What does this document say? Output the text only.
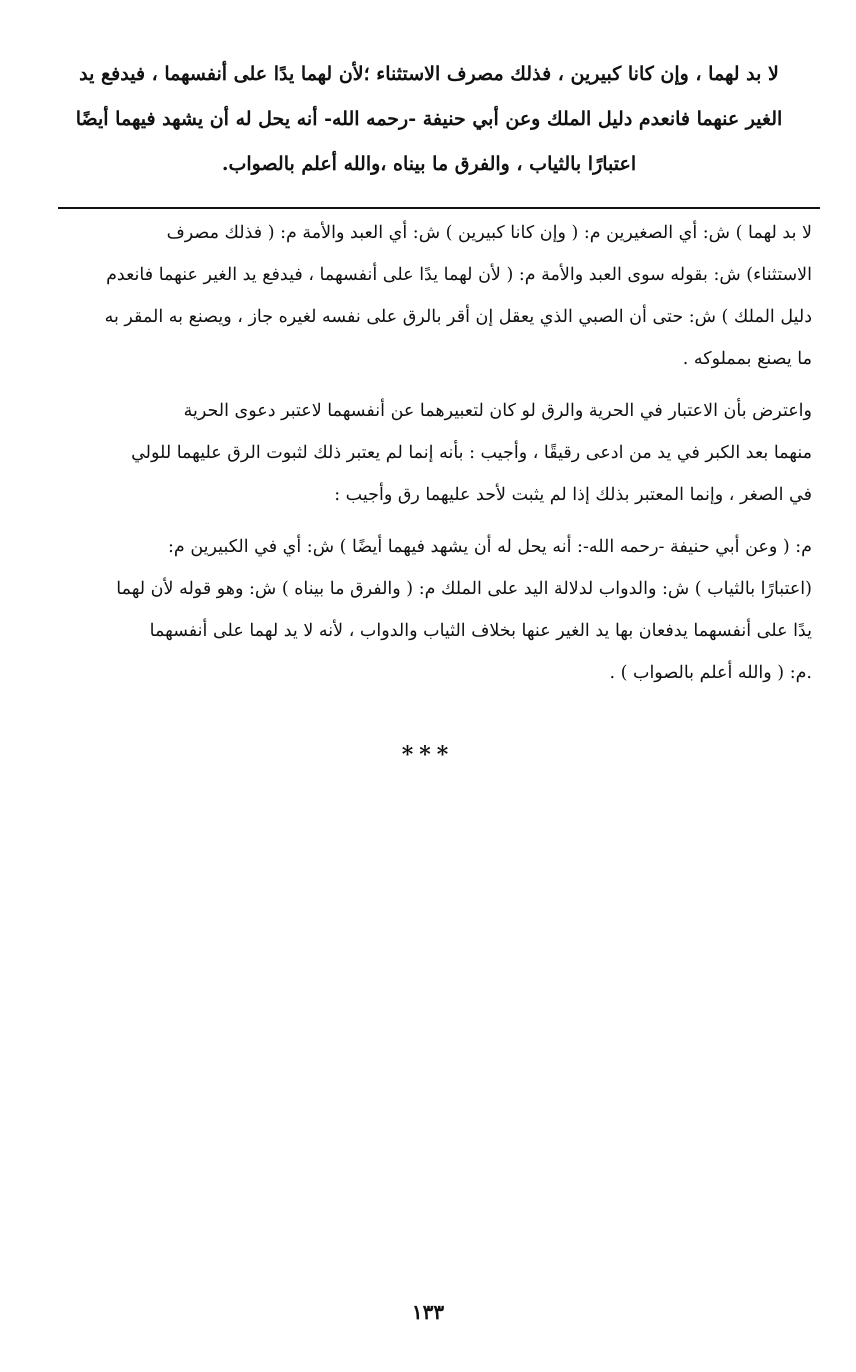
لا بد لهما ، وإن كانا كبيرين ، فذلك مصرف الاستثناء ؛لأن لهما يدًا على أنفسهما ، فيدفع يد
الغير عنهما فانعدم دليل الملك وعن أبي حنيفة -رحمه الله- أنه يحل له أن يشهد فيهما أيضًا
اعتبارًا بالثياب ، والفرق ما بيناه ،والله أعلم بالصواب.
لا بد لهما ) ش: أي الصغيرين م: ( وإن كانا كبيرين ) ش: أي العبد والأمة م: ( فذلك مصرف
الاستثناء) ش: بقوله سوى العبد والأمة م: ( لأن لهما يدًا على أنفسهما ، فيدفع يد الغير عنهما فانعدم
دليل الملك ) ش: حتى أن الصبي الذي يعقل إن أقر بالرق على نفسه لغيره جاز ، ويصنع به المقر به
ما يصنع بمملوكه .
واعترض بأن الاعتبار في الحرية والرق لو كان لتعبيرهما عن أنفسهما لاعتبر دعوى الحرية
منهما بعد الكبر في يد من ادعى رقيقًا ، وأجيب : بأنه إنما لم يعتبر ذلك لثبوت الرق عليهما للولي
في الصغر ، وإنما المعتبر بذلك إذا لم يثبت لأحد عليهما رق وأجيب :
م: ( وعن أبي حنيفة -رحمه الله-: أنه يحل له أن يشهد فيهما أيضًا ) ش: أي في الكبيرين م:
(اعتبارًا بالثياب ) ش: والدواب لدلالة اليد على الملك م: ( والفرق ما بيناه ) ش: وهو قوله لأن لهما
يدًا على أنفسهما يدفعان بها يد الغير عنها بخلاف الثياب والدواب ، لأنه لا يد لهما على أنفسهما
.م: ( والله أعلم بالصواب ) .
***
١٣٣
